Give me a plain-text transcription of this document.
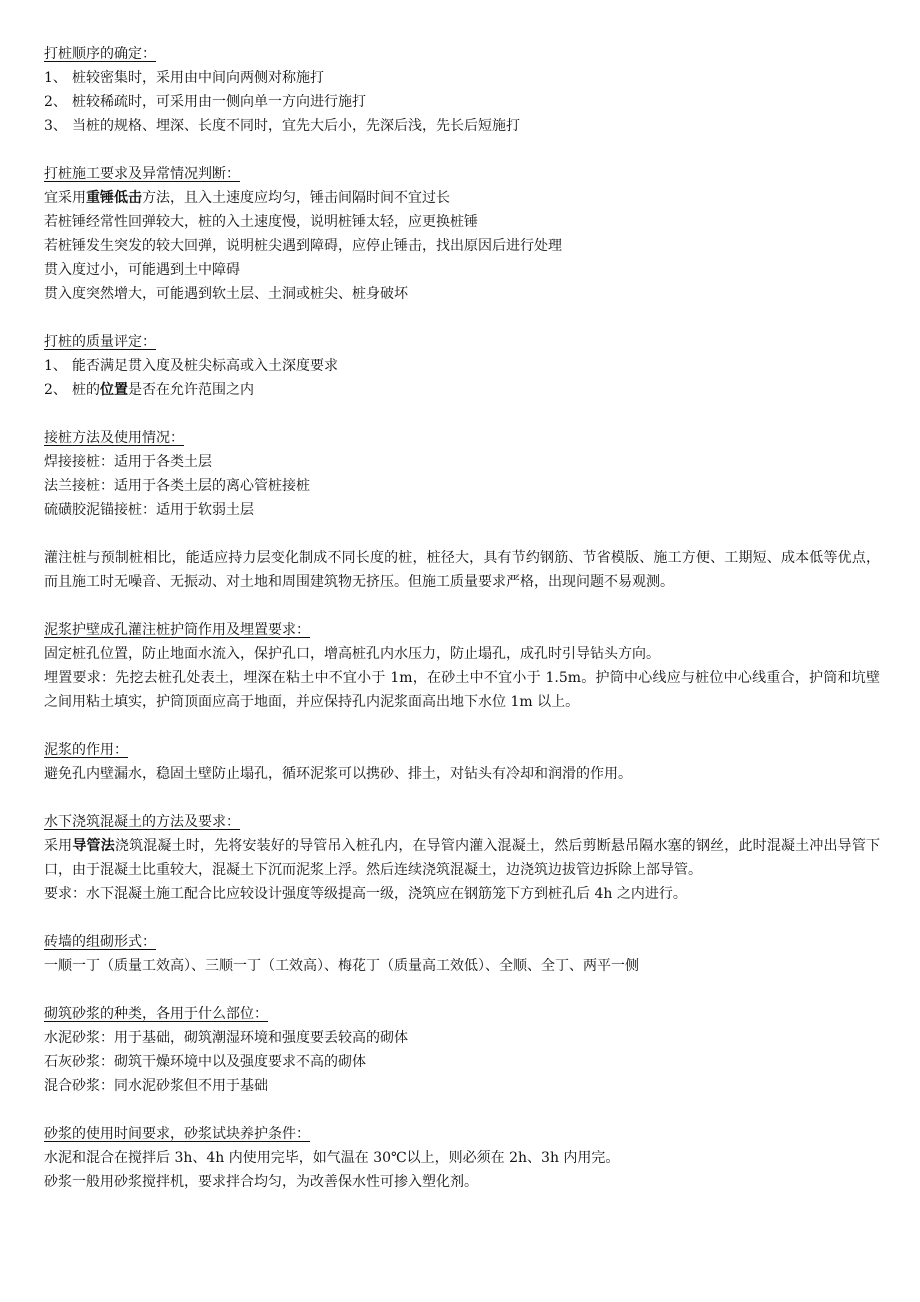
打桩顺序的确定：
1、 桩较密集时，采用由中间向两侧对称施打
2、 桩较稀疏时，可采用由一侧向单一方向进行施打
3、 当桩的规格、埋深、长度不同时，宜先大后小，先深后浅，先长后短施打
打桩施工要求及异常情况判断：
宜采用重锤低击方法，且入土速度应均匀，锤击间隔时间不宜过长
若桩锤经常性回弹较大，桩的入土速度慢，说明桩锤太轻，应更换桩锤
若桩锤发生突发的较大回弹，说明桩尖遇到障碍，应停止锤击，找出原因后进行处理
贯入度过小，可能遇到土中障碍
贯入度突然增大，可能遇到软土层、土洞或桩尖、桩身破坏
打桩的质量评定：
1、 能否满足贯入度及桩尖标高或入土深度要求
2、 桩的位置是否在允许范围之内
接桩方法及使用情况：
焊接接桩：适用于各类土层
法兰接桩：适用于各类土层的离心管桩接桩
硫磺胶泥锚接桩：适用于软弱土层
灌注桩与预制桩相比，能适应持力层变化制成不同长度的桩，桩径大，具有节约钢筋、节省模版、施工方便、工期短、成本低等优点，而且施工时无噪音、无振动、对土地和周围建筑物无挤压。但施工质量要求严格，出现问题不易观测。
泥浆护壁成孔灌注桩护筒作用及埋置要求：
固定桩孔位置，防止地面水流入，保护孔口，增高桩孔内水压力，防止塌孔，成孔时引导钻头方向。
埋置要求：先挖去桩孔处表土，埋深在粘土中不宜小于 1m，在砂土中不宜小于 1.5m。护筒中心线应与桩位中心线重合，护筒和坑壁之间用粘土填实，护筒顶面应高于地面，并应保持孔内泥浆面高出地下水位 1m 以上。
泥浆的作用：
避免孔内壁漏水，稳固土壁防止塌孔，循环泥浆可以携砂、排土，对钻头有冷却和润滑的作用。
水下浇筑混凝土的方法及要求：
采用导管法浇筑混凝土时，先将安装好的导管吊入桩孔内，在导管内灌入混凝土，然后剪断悬吊隔水塞的钢丝，此时混凝土冲出导管下口，由于混凝土比重较大，混凝土下沉而泥浆上浮。然后连续浇筑混凝土，边浇筑边拔管边拆除上部导管。
要求：水下混凝土施工配合比应较设计强度等级提高一级，浇筑应在钢筋笼下方到桩孔后 4h 之内进行。
砖墙的组砌形式：
一顺一丁（质量工效高）、三顺一丁（工效高）、梅花丁（质量高工效低）、全顺、全丁、两平一侧
砌筑砂浆的种类，各用于什么部位：
水泥砂浆：用于基础，砌筑潮湿环境和强度要丢较高的砌体
石灰砂浆：砌筑干燥环境中以及强度要求不高的砌体
混合砂浆：同水泥砂浆但不用于基础
砂浆的使用时间要求，砂浆试块养护条件：
水泥和混合在搅拌后 3h、4h 内使用完毕，如气温在 30℃以上，则必须在 2h、3h 内用完。
砂浆一般用砂浆搅拌机，要求拌合均匀，为改善保水性可掺入塑化剂。
